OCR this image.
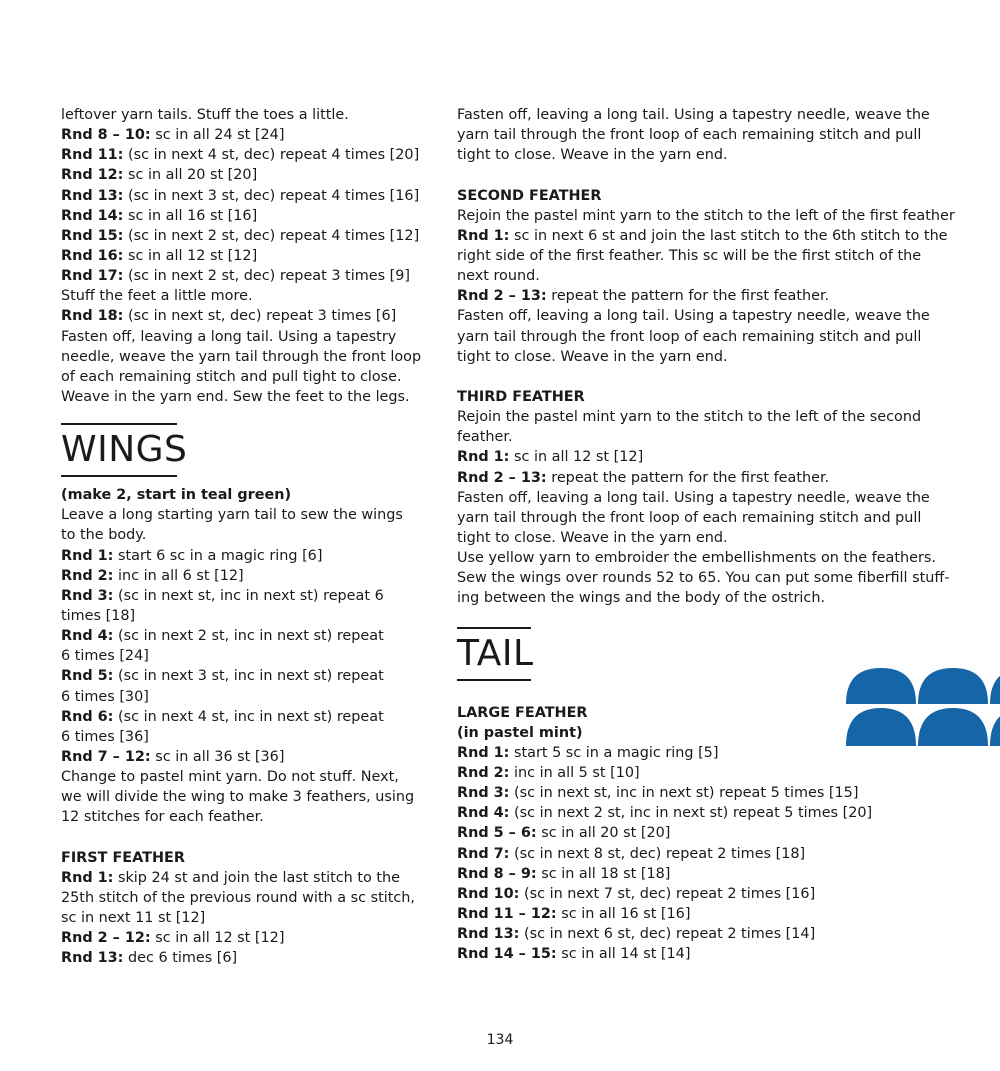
leftover yarn tails. Stuff the toes a little.
Rnd 8 – 10: sc in all 24 st [24]
Rnd 11: (sc in next 4 st, dec) repeat 4 times [20]
Rnd 12: sc in all 20 st [20]
Rnd 13: (sc in next 3 st, dec) repeat 4 times [16]
Rnd 14: sc in all 16 st [16]
Rnd 15: (sc in next 2 st, dec) repeat 4 times [12]
Rnd 16: sc in all 12 st [12]
Rnd 17: (sc in next 2 st, dec) repeat 3 times [9]
Stuff the feet a little more.
Rnd 18: (sc in next st, dec) repeat 3 times [6]
Fasten off, leaving a long tail. Using a tapestry
needle, weave the yarn tail through the front loop
of each remaining stitch and pull tight to close.
Weave in the yarn end. Sew the feet to the legs.
WINGS
(make 2, start in teal green)
Leave a long starting yarn tail to sew the wings
to the body.
Rnd 1: start 6 sc in a magic ring [6]
Rnd 2: inc in all 6 st [12]
Rnd 3: (sc in next st, inc in next st) repeat 6
times [18]
Rnd 4: (sc in next 2 st, inc in next st) repeat
6 times [24]
Rnd 5: (sc in next 3 st, inc in next st) repeat
6 times [30]
Rnd 6: (sc in next 4 st, inc in next st) repeat
6 times [36]
Rnd 7 – 12: sc in all 36 st [36]
Change to pastel mint yarn. Do not stuff. Next,
we will divide the wing to make 3 feathers, using
12 stitches for each feather.
FIRST FEATHER
Rnd 1: skip 24 st and join the last stitch to the
25th stitch of the previous round with a sc stitch,
sc in next 11 st [12]
Rnd 2 – 12: sc in all 12 st [12]
Rnd 13: dec 6 times [6]
Fasten off, leaving a long tail. Using a tapestry needle, weave the
yarn tail through the front loop of each remaining stitch and pull
tight to close. Weave in the yarn end.
SECOND FEATHER
Rejoin the pastel mint yarn to the stitch to the left of the first feather
Rnd 1: sc in next 6 st and join the last stitch to the 6th stitch to the
right side of the first feather. This sc will be the first stitch of the
next round.
Rnd 2 – 13: repeat the pattern for the first feather.
Fasten off, leaving a long tail. Using a tapestry needle, weave the
yarn tail through the front loop of each remaining stitch and pull
tight to close. Weave in the yarn end.
THIRD FEATHER
Rejoin the pastel mint yarn to the stitch to the left of the second
feather.
Rnd 1: sc in all 12 st [12]
Rnd 2 – 13: repeat the pattern for the first feather.
Fasten off, leaving a long tail. Using a tapestry needle, weave the
yarn tail through the front loop of each remaining stitch and pull
tight to close. Weave in the yarn end.
Use yellow yarn to embroider the embellishments on the feathers.
Sew the wings over rounds 52 to 65. You can put some fiberfill stuff-
ing between the wings and the body of the ostrich.
TAIL
LARGE FEATHER
(in pastel mint)
Rnd 1: start 5 sc in a magic ring [5]
Rnd 2: inc in all 5 st [10]
Rnd 3: (sc in next st, inc in next st) repeat 5 times [15]
Rnd 4: (sc in next 2 st, inc in next st) repeat 5 times [20]
Rnd 5 – 6: sc in all 20 st [20]
Rnd 7: (sc in next 8 st, dec) repeat 2 times [18]
Rnd 8 – 9: sc in all 18 st [18]
Rnd 10: (sc in next 7 st, dec) repeat 2 times [16]
Rnd 11 – 12: sc in all 16 st [16]
Rnd 13: (sc in next 6 st, dec) repeat 2 times [14]
Rnd 14 – 15: sc in all 14 st [14]
134
